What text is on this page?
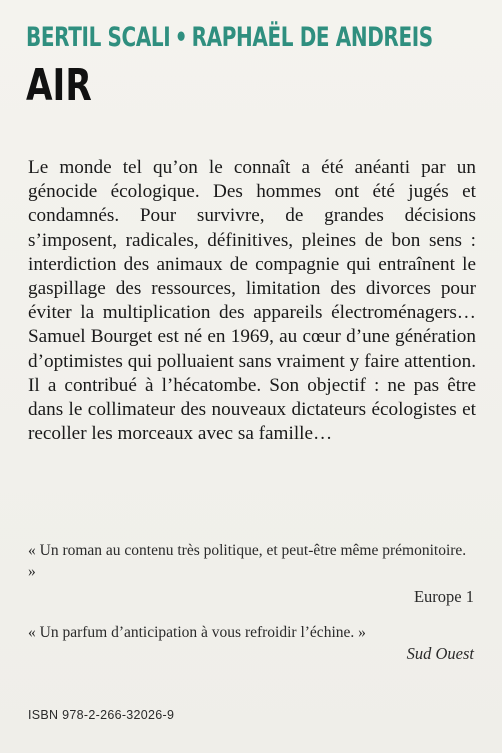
BERTIL SCALI • RAPHAËL DE ANDREIS
AIR
Le monde tel qu’on le connaît a été anéanti par un génocide écologique. Des hommes ont été jugés et condamnés. Pour survivre, de grandes décisions s’imposent, radicales, définitives, pleines de bon sens : interdiction des animaux de compagnie qui entraînent le gaspillage des ressources, limitation des divorces pour éviter la multiplication des appareils électroménagers… Samuel Bourget est né en 1969, au cœur d’une génération d’optimistes qui polluaient sans vraiment y faire attention. Il a contribué à l’hécatombe. Son objectif : ne pas être dans le collimateur des nouveaux dictateurs écologistes et recoller les morceaux avec sa famille…
« Un roman au contenu très politique, et peut-être même prémonitoire. »
Europe 1
« Un parfum d’anticipation à vous refroidir l’échine. »
Sud Ouest
ISBN 978-2-266-32026-9
